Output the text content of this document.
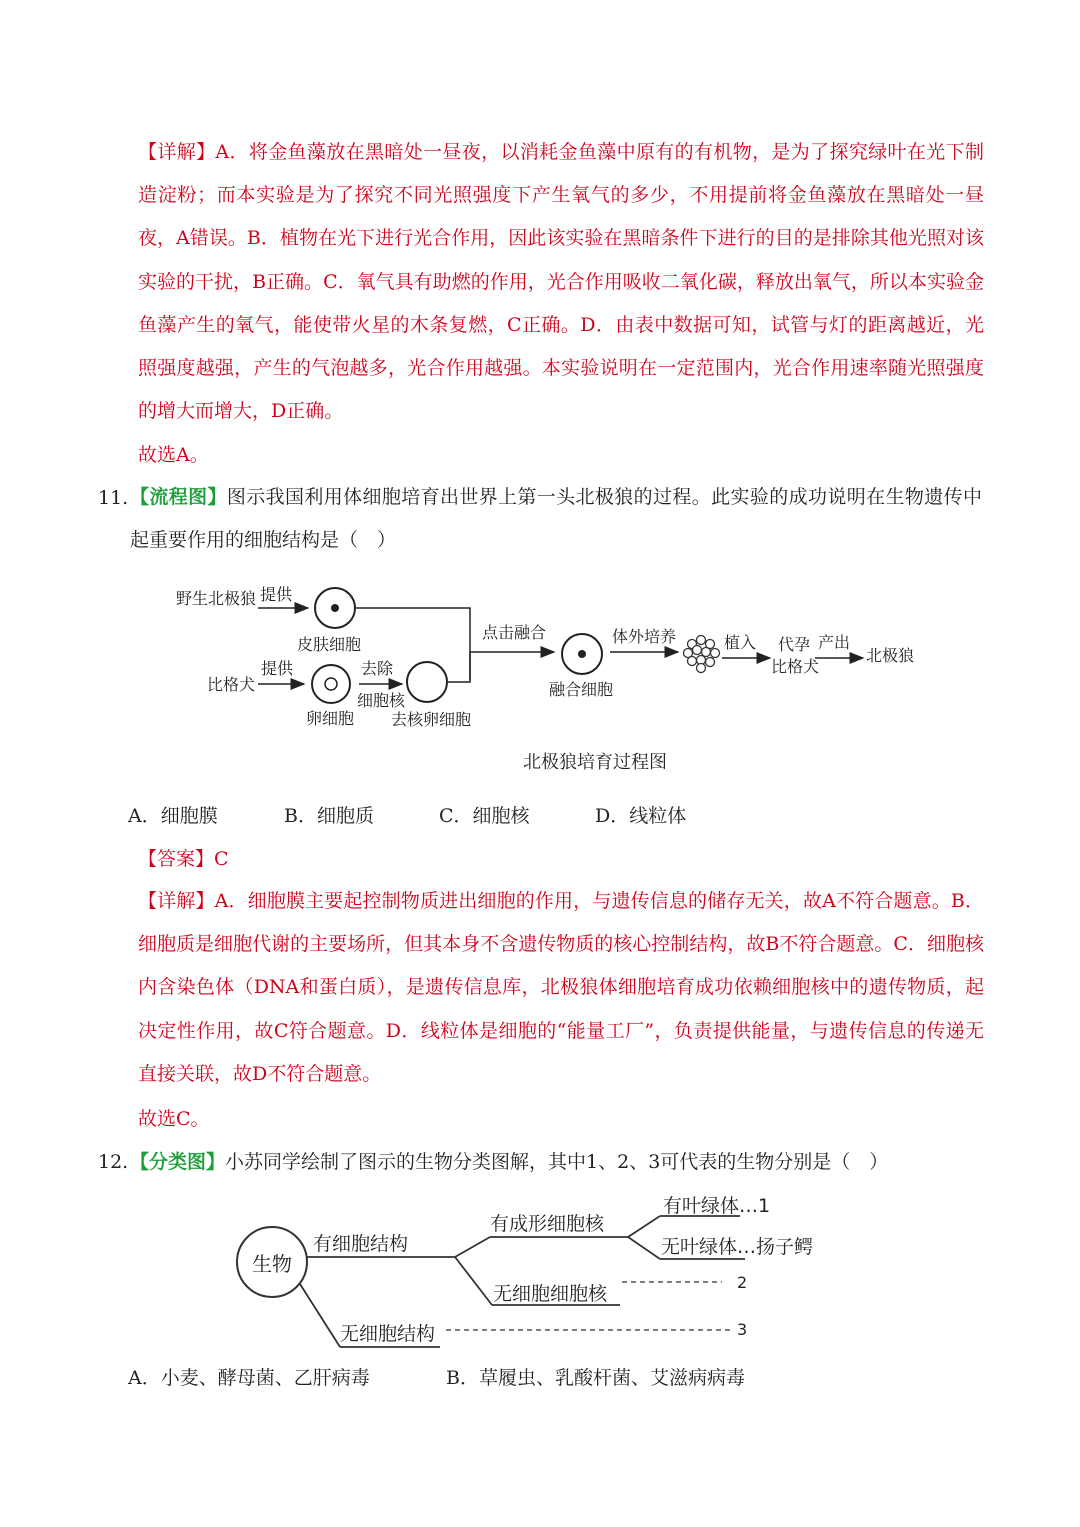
【详解】A．将金鱼藻放在黑暗处一昼夜，以消耗金鱼藻中原有的有机物，是为了探究绿叶在光下制造淀粉；而本实验是为了探究不同光照强度下产生氧气的多少，不用提前将金鱼藻放在黑暗处一昼夜，A错误。B．植物在光下进行光合作用，因此该实验在黑暗条件下进行的目的是排除其他光照对该实验的干扰，B正确。C．氧气具有助燃的作用，光合作用吸收二氧化碳，释放出氧气，所以本实验金鱼藻产生的氧气，能使带火星的木条复燃，C正确。D．由表中数据可知，试管与灯的距离越近，光照强度越强，产生的气泡越多，光合作用越强。本实验说明在一定范围内，光合作用速率随光照强度的增大而增大，D正确。
故选A。
11. 【流程图】图示我国利用体细胞培育出世界上第一头北极狼的过程。此实验的成功说明在生物遗传中起重要作用的细胞结构是（　）
野生北极狼 提供
皮肤细胞
比格犬
提供
卵细胞
去除
细胞核
去核卵细胞
点击融合
融合细胞
体外培养	植入 代孕
比格犬
产出
北极狼
北极狼培育过程图
A．细胞膜	B．细胞质	C．细胞核	D．线粒体
【答案】C
【详解】A．细胞膜主要起控制物质进出细胞的作用，与遗传信息的储存无关，故A不符合题意。B．细胞质是细胞代谢的主要场所，但其本身不含遗传物质的核心控制结构，故B不符合题意。C．细胞核内含染色体（DNA和蛋白质），是遗传信息库，北极狼体细胞培育成功依赖细胞核中的遗传物质，起决定性作用，故C符合题意。D．线粒体是细胞的“能量工厂”，负责提供能量，与遗传信息的传递无直接关联，故D不符合题意。
故选C。
12. 【分类图】小苏同学绘制了图示的生物分类图解，其中1、2、3可代表的生物分别是（　）
生物
有细胞结构
有成形细胞核
有叶绿体…1
无叶绿体…扬子鳄
无细胞细胞核
2
无细胞结构	3
A．小麦、酵母菌、乙肝病毒	B．草履虫、乳酸杆菌、艾滋病病毒
